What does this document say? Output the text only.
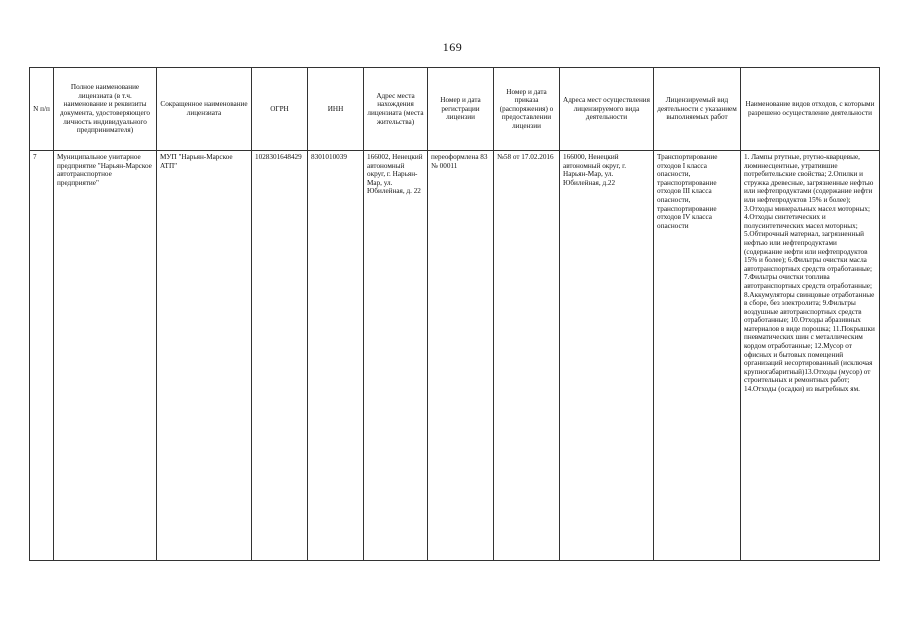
169
N п/п	Полное наименование лицензиата (в т.ч. наименование и реквизиты документа, удостоверяющего личность индивидуального предпринимателя)	Сокращенное наименование лицензиата	ОГРН	ИНН	Адрес места нахождения лицензиата (места жительства)	Номер и дата регистрации лицензии	Номер и дата приказа (распоряжения) о предоставлении лицензии	Адреса мест осуществления лицензируемого вида деятельности	Лицензируемый вид деятельности с указанием выполняемых работ	Наименование видов отходов, с которыми разрешено осуществление деятельности
7	Муниципальное унитарное предприятие "Нарьян-Марское автотранспортное предприятие"	МУП "Нарьян-Марское АТП"	1028301648429	8301010039	166002, Ненецкий автономный округ, г. Нарьян-Мар, ул. Юбилейная, д. 22	переоформлена 83 № 00011	№58 от 17.02.2016	166000, Ненецкий автономный округ, г. Нарьян-Мар, ул. Юбилейная, д.22	Транспортирование отходов I класса опасности, транспортирование отходов III класса опасности, транспортирование отходов IV класса опасности	1. Лампы ртутные, ртутно-кварцевые, люминесцентные, утратившие потребительские свойства; 2.Опилки и стружка древесные, загрязненные нефтью или нефтепродуктами (содержание нефти или нефтепродуктов 15% и более); 3.Отходы минеральных масел моторных; 4.Отходы синтетических и полусинтетических масел моторных; 5.Обтирочный материал, загрязненный нефтью или нефтепродуктами (содержание нефти или нефтепродуктов 15% и более); 6.Фильтры очистки масла автотранспортных средств отработанные; 7.Фильтры очистки топлива автотранспортных средств отработанные; 8.Аккумуляторы свинцовые отработанные в сборе, без электролита; 9.Фильтры воздушные автотранспортных средств отработанные; 10.Отходы абразивных материалов в виде порошка; 11.Покрышки пневматических шин с металлическим кордом отработанные; 12.Мусор от офисных и бытовых помещений организаций несортированный (исключая крупногабаритный)13.Отходы (мусор) от строительных и ремонтных работ; 14.Отходы (осадки) из выгребных ям.
